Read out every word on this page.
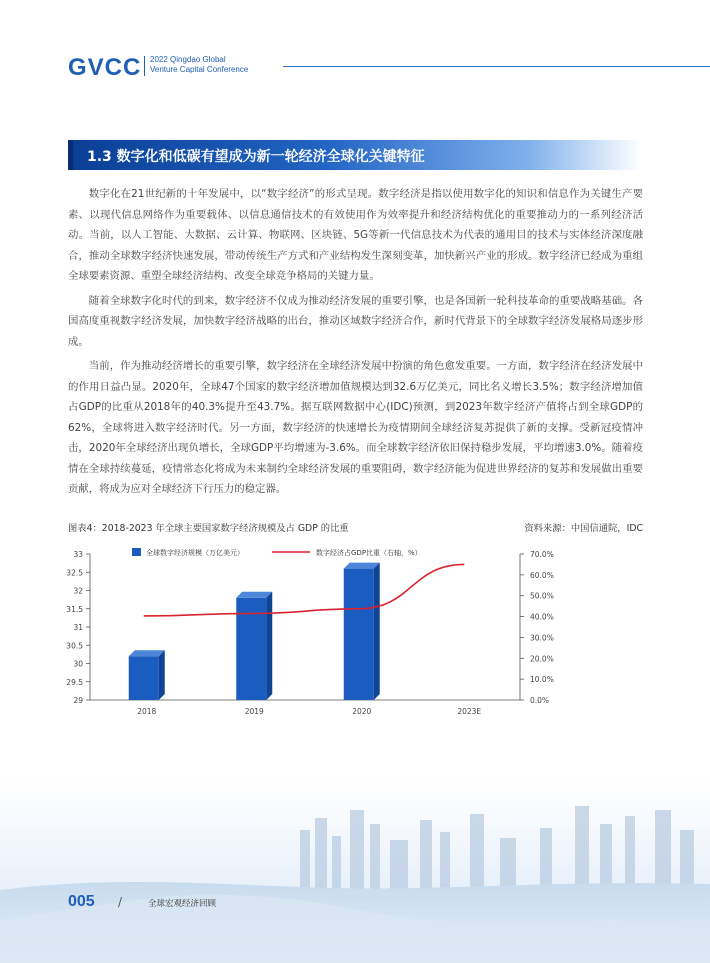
GVCC 2022 Qingdao Global
Venture Capital Conference
1.3 数字化和低碳有望成为新一轮经济全球化关键特征

数字化在21世纪新的十年发展中，以“数字经济”的形式呈现。数字经济是指以使用数字化的知识和信息作为关键生产要素、以现代信息网络作为重要载体、以信息通信技术的有效使用作为效率提升和经济结构优化的重要推动力的一系列经济活动。当前，以人工智能、大数据、云计算、物联网、区块链、5G等新一代信息技术为代表的通用目的技术与实体经济深度融合，推动全球数字经济快速发展，带动传统生产方式和产业结构发生深刻变革，加快新兴产业的形成。数字经济已经成为重组全球要素资源、重塑全球经济结构、改变全球竞争格局的关键力量。

随着全球数字化时代的到来，数字经济不仅成为推动经济发展的重要引擎，也是各国新一轮科技革命的重要战略基础。各国高度重视数字经济发展，加快数字经济战略的出台，推动区域数字经济合作，新时代背景下的全球数字经济发展格局逐步形成。

当前，作为推动经济增长的重要引擎，数字经济在全球经济发展中扮演的角色愈发重要。一方面，数字经济在经济发展中的作用日益凸显。2020年，全球47个国家的数字经济增加值规模达到32.6万亿美元，同比名义增长3.5%；数字经济增加值占GDP的比重从2018年的40.3%提升至43.7%。据互联网数据中心(IDC)预测，到2023年数字经济产值将占到全球GDP的62%，全球将进入数字经济时代。另一方面，数字经济的快速增长为疫情期间全球经济复苏提供了新的支撑。受新冠疫情冲击，2020年全球经济出现负增长，全球GDP平均增速为-3.6%。而全球数字经济依旧保持稳步发展，平均增速3.0%。随着疫情在全球持续蔓延，疫情常态化将成为未来制约全球经济发展的重要阻碍，数字经济能为促进世界经济的复苏和发展做出重要贡献，将成为应对全球经济下行压力的稳定器。

图表4：2018-2023 年全球主要国家数字经济规模及占 GDP 的比重	资料来源：中国信通院，IDC
29
29.5
30
30.5
31
31.5
32
32.5
33
0.0%
10.0%
20.0%
30.0%
40.0%
50.0%
60.0%
70.0%
2018	2019	2020	2023E
全球数字经济规模（万亿美元）	数字经济占GDP比重（右轴，%）
005 /	全球宏观经济回顾
